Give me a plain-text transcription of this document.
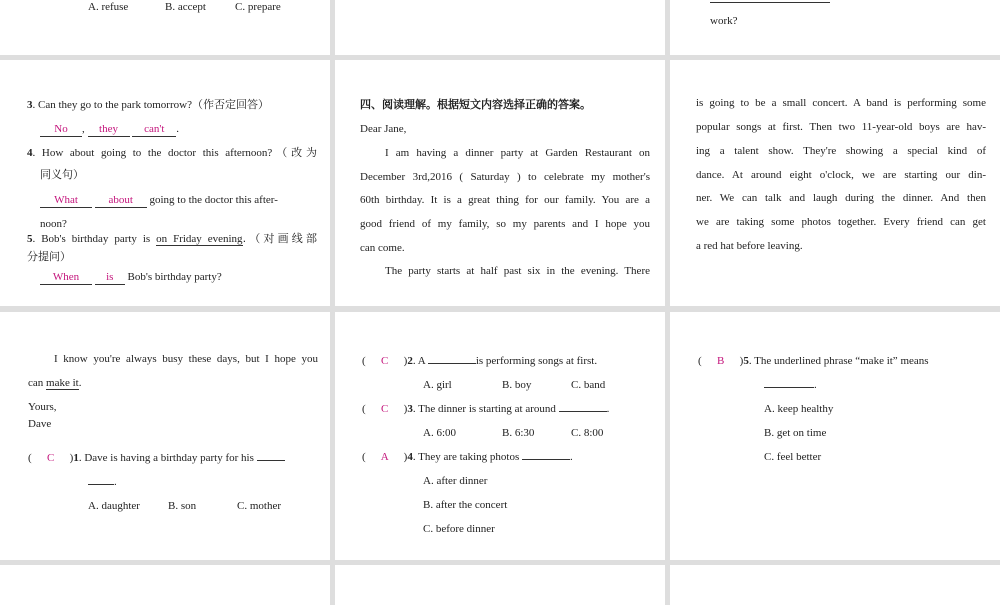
A. refuse	B. accept	C. prepare
work?
3. Can they go to the park tomorrow?（作否定回答）
No , they can't .
4. How about going to the doctor this afternoon?（改为
同义句）
What	about going to the doctor this after-
noon?
5. Bob's birthday party is on Friday evening.（对画线部
分提问）
When is Bob's birthday party?
四、阅读理解。根据短文内容选择正确的答案。
Dear Jane,
I am having a dinner party at Garden Restaurant on
December 3rd,2016 ( Saturday ) to celebrate my mother's
60th birthday. It is a great thing for our family. You are a
good friend of my family, so my parents and I hope you
can come.
The party starts at half past six in the evening. There
is going to be a small concert. A band is performing some
popular songs at first. Then two 11-year-old boys are hav-
ing a talent show. They're showing a special kind of
dance. At around eight o'clock, we are starting our din-
ner. We can talk and laugh during the dinner. And then
we are taking some photos together. Every friend can get
a red hat before leaving.
I know you're always busy these days, but I hope you
can make it.
Yours,
Dave
( C )1. Dave is having a birthday party for his
.
A. daughter	B. son	C. mother
( C )2. A	is performing songs at first.
A. girl	B. boy	C. band
( C )3. The dinner is starting at around	.
A. 6:00	B. 6:30	C. 8:00
( A )4. They are taking photos	.
A. after dinner
B. after the concert
C. before dinner
( B )5. The underlined phrase “make it” means
.
A. keep healthy
B. get on time
C. feel better
